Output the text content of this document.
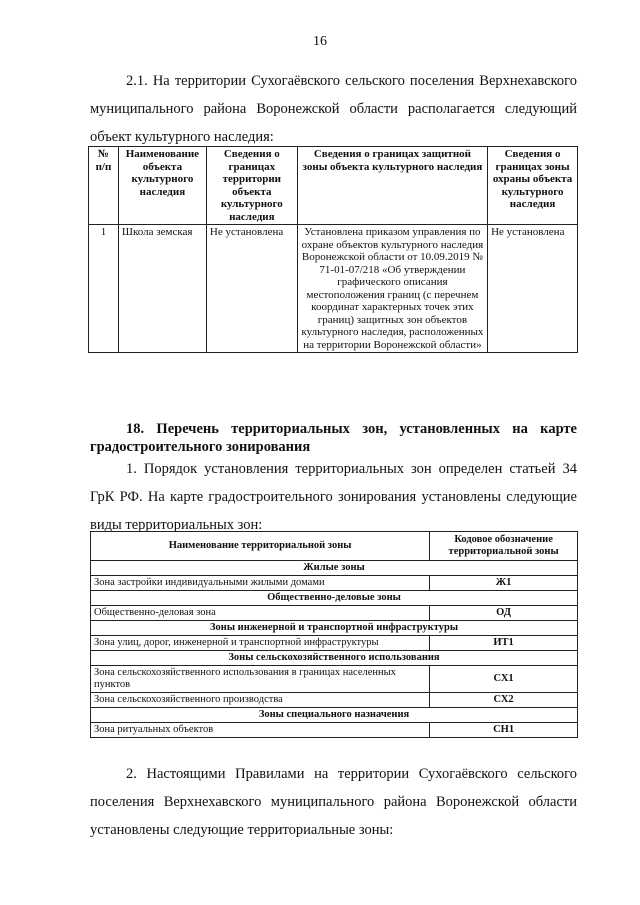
16
2.1. На территории Сухогаёвского сельского поселения Верхнехавского муниципального района Воронежской области располагается следующий объект культурного наследия:
№ п/п	Наименование объекта культурного наследия	Сведения о границах территории объекта культурного наследия	Сведения о границах защитной зоны объекта культурного наследия	Сведения о границах зоны охраны объекта культурного наследия
1	Школа земская	Не установлена	Установлена приказом управления по охране объектов культурного наследия Воронежской области от 10.09.2019 № 71-01-07/218 «Об утверждении графического описания местоположения границ (с перечнем координат характерных точек этих границ) защитных зон объектов культурного наследия, расположенных на территории Воронежской области»	Не установлена
18. Перечень территориальных зон, установленных на карте градостроительного зонирования
1. Порядок установления территориальных зон определен статьей 34 ГрК РФ. На карте градостроительного зонирования установлены следующие виды территориальных зон:
Наименование территориальной зоны	Кодовое обозначение территориальной зоны
Жилые зоны	
Зона застройки индивидуальными жилыми домами	Ж1
Общественно-деловые зоны	
Общественно-деловая зона	ОД
Зоны инженерной и транспортной инфраструктуры	
Зона улиц, дорог, инженерной и транспортной инфраструктуры	ИТ1
Зоны сельскохозяйственного использования	
Зона сельскохозяйственного использования в границах населенных пунктов	СХ1
Зона сельскохозяйственного производства	СХ2
Зоны специального назначения	
Зона ритуальных объектов	СН1
2. Настоящими Правилами на территории Сухогаёвского сельского поселения Верхнехавского муниципального района Воронежской области установлены следующие территориальные зоны:
